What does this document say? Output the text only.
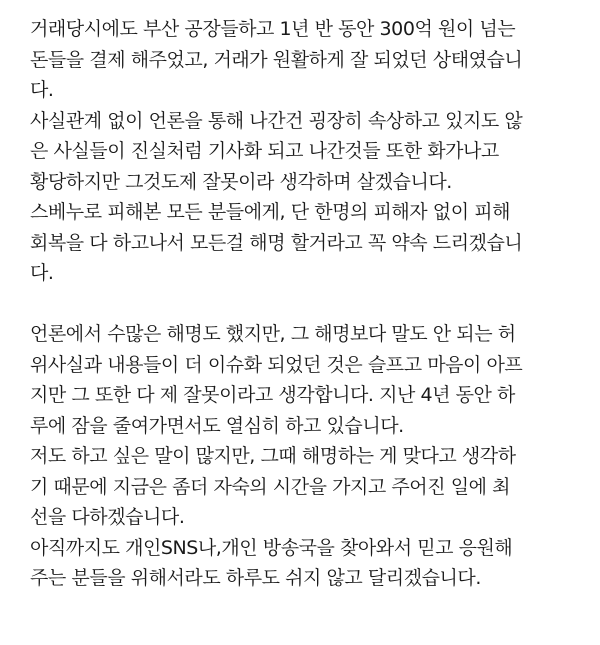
거래당시에도 부산 공장들하고 1년 반 동안 300억 원이 넘는
돈들을 결제 해주었고, 거래가 원활하게 잘 되었던 상태였습니
다.
사실관계 없이 언론을 통해 나간건 굉장히 속상하고 있지도 않
은 사실들이 진실처럼 기사화 되고 나간것들 또한 화가나고
황당하지만 그것도제 잘못이라 생각하며 살겠습니다.
스베누로 피해본 모든 분들에게, 단 한명의 피해자 없이 피해
회복을 다 하고나서 모든걸 해명 할거라고 꼭 약속 드리겠습니
다.
언론에서 수많은 해명도 했지만, 그 해명보다 말도 안 되는 허
위사실과 내용들이 더 이슈화 되었던 것은 슬프고 마음이 아프
지만 그 또한 다 제 잘못이라고 생각합니다. 지난 4년 동안 하
루에 잠을 줄여가면서도 열심히 하고 있습니다.
저도 하고 싶은 말이 많지만, 그때 해명하는 게 맞다고 생각하
기 때문에 지금은 좀더 자숙의 시간을 가지고 주어진 일에 최
선을 다하겠습니다.
아직까지도 개인SNS나,개인 방송국을 찾아와서 믿고 응원해
주는 분들을 위해서라도 하루도 쉬지 않고 달리겠습니다.
